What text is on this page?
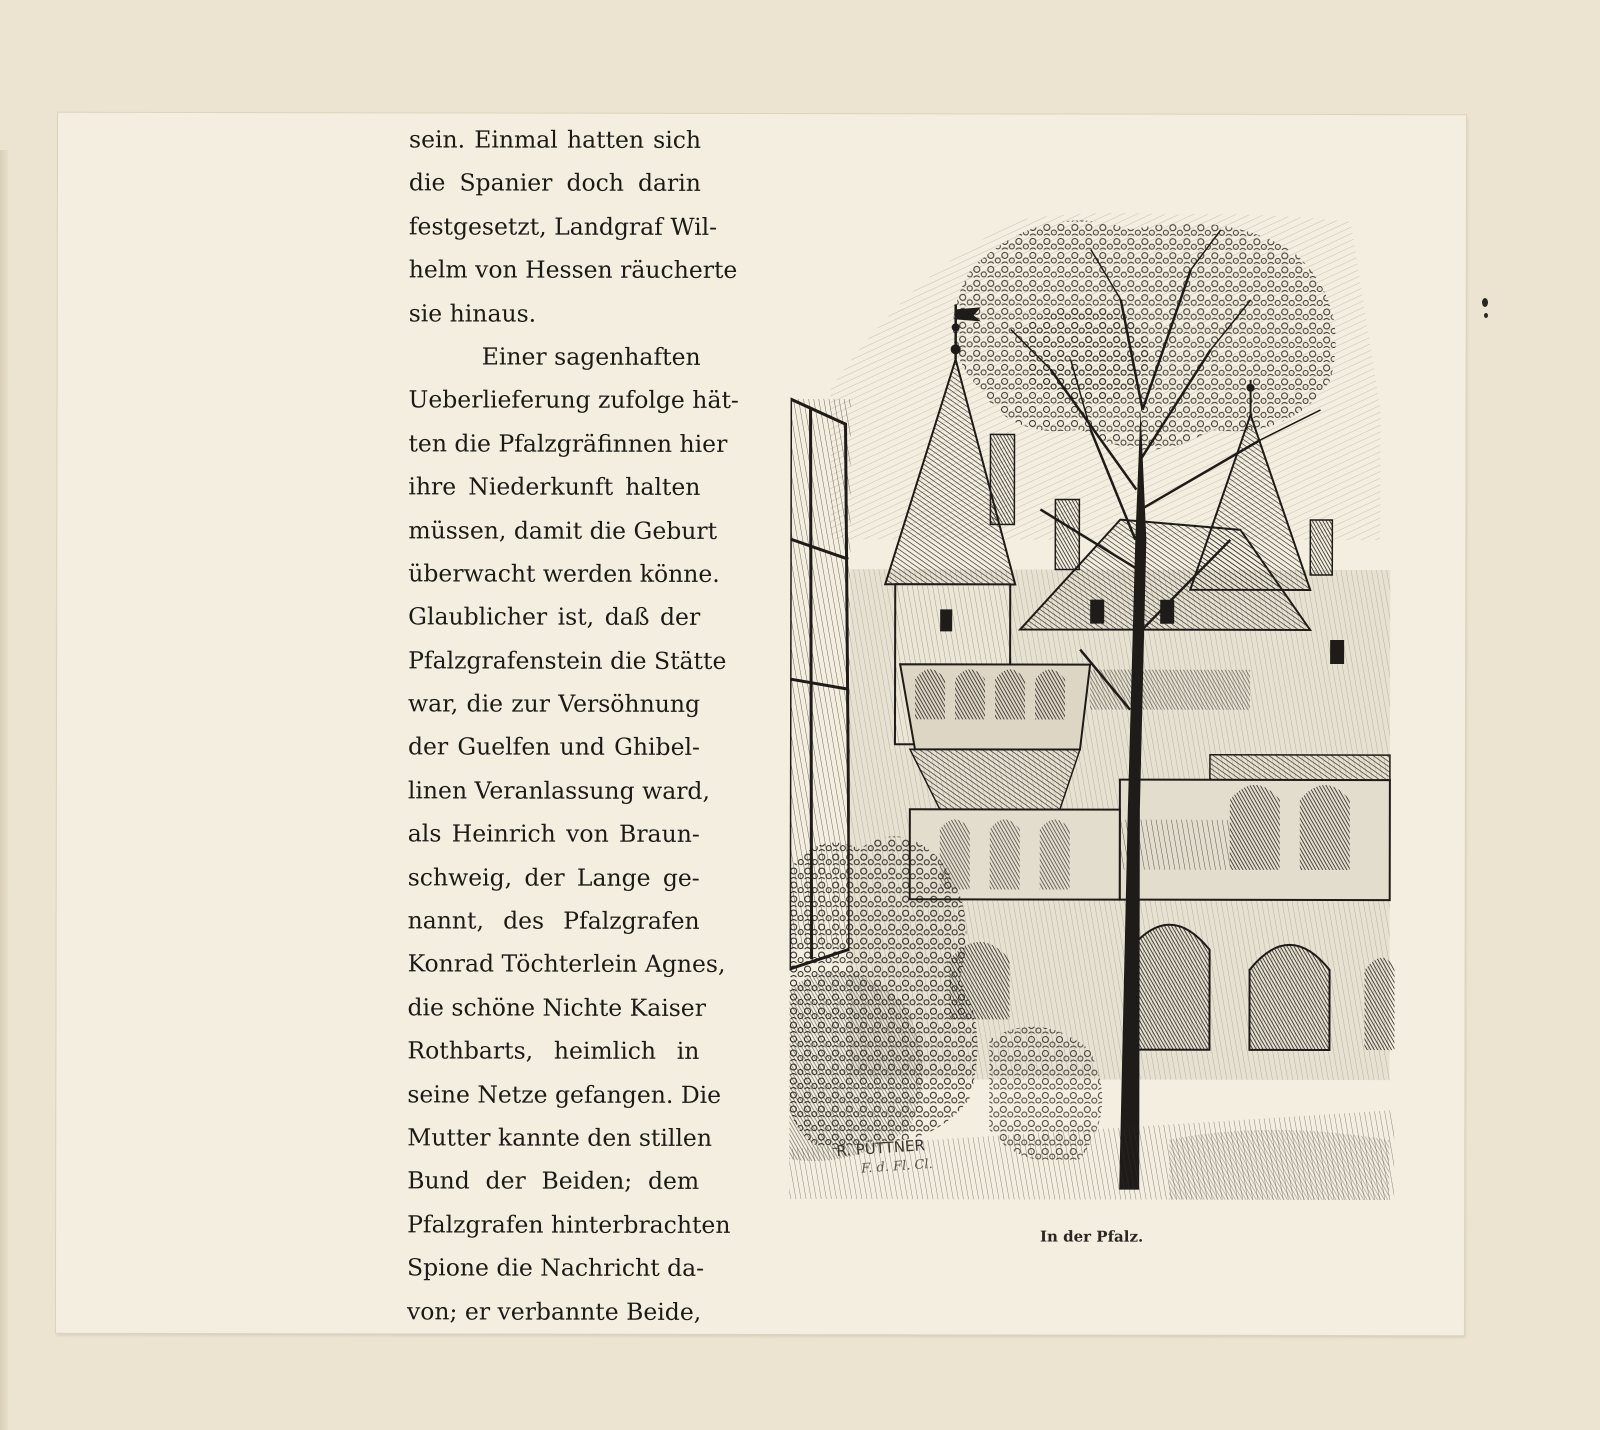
sein. Einmal hatten sich
die Spanier doch darin
festgesetzt, Landgraf Wil-
helm von Hessen räucherte
sie hinaus.
Einer sagenhaften
Ueberlieferung zufolge hät-
ten die Pfalzgräfinnen hier
ihre Niederkunft halten
müssen, damit die Geburt
überwacht werden könne.
Glaublicher ist, daß der
Pfalzgrafenstein die Stätte
war, die zur Versöhnung
der Guelfen und Ghibel-
linen Veranlassung ward,
als Heinrich von Braun-
schweig, der Lange ge-
nannt, des Pfalzgrafen
Konrad Töchterlein Agnes,
die schöne Nichte Kaiser
Rothbarts, heimlich in
seine Netze gefangen. Die
Mutter kannte den stillen
Bund der Beiden; dem
Pfalzgrafen hinterbrachten
Spione die Nachricht da-
von; er verbannte Beide,
R. PÜTTNER
F. d. Fl. Cl.
In der Pfalz.
